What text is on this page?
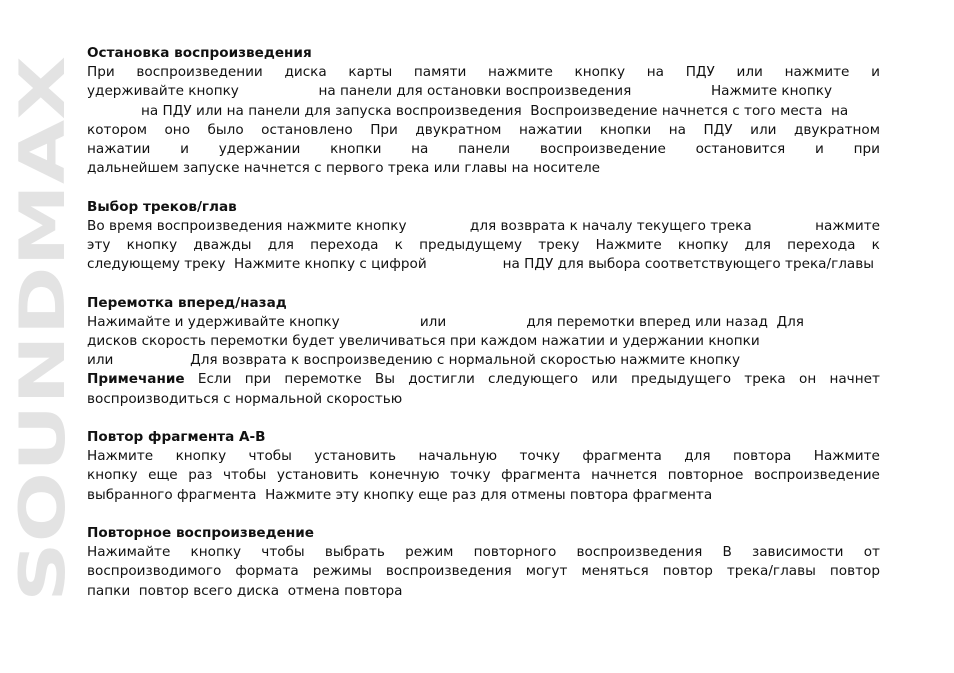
SOUNDMAX
Остановка воспроизведения
При воспроизведении диска карты памяти нажмите кнопку на ПДУ или нажмите и
удерживайте кнопку	на панели для остановки воспроизведения	Нажмите кнопку
на ПДУ или на панели для запуска воспроизведения  Воспроизведение начнется с того места  на
котором оно было остановлено При двукратном нажатии кнопки на ПДУ или двукратном
нажатии и удержании кнопки на панели воспроизведение остановится и при
дальнейшем запуске начнется с первого трека или главы на носителе
Выбор треков/глав
Во время воспроизведения нажмите кнопку	для возврата к началу текущего трека	нажмите
эту кнопку дважды для перехода к предыдущему треку Нажмите кнопку для перехода к
следующему треку  Нажмите кнопку с цифрой	на ПДУ для выбора соответствующего трека/главы
Перемотка вперед/назад
Нажимайте и удерживайте кнопку	или	для перемотки вперед или назад  Для
дисков скорость перемотки будет увеличиваться при каждом нажатии и удержании кнопки
или	Для возврата к воспроизведению с нормальной скоростью нажмите кнопку
Примечание Если при перемотке Вы достигли следующего или предыдущего трека он начнет
воспроизводиться с нормальной скоростью
Повтор фрагмента A-B
Нажмите кнопку чтобы установить начальную точку фрагмента для повтора Нажмите
кнопку еще раз чтобы установить конечную точку фрагмента начнется повторное воспроизведение
выбранного фрагмента  Нажмите эту кнопку еще раз для отмены повтора фрагмента
Повторное воспроизведение
Нажимайте кнопку чтобы выбрать режим повторного воспроизведения В зависимости от
воспроизводимого формата режимы воспроизведения могут меняться повтор трека/главы повтор
папки  повтор всего диска  отмена повтора
